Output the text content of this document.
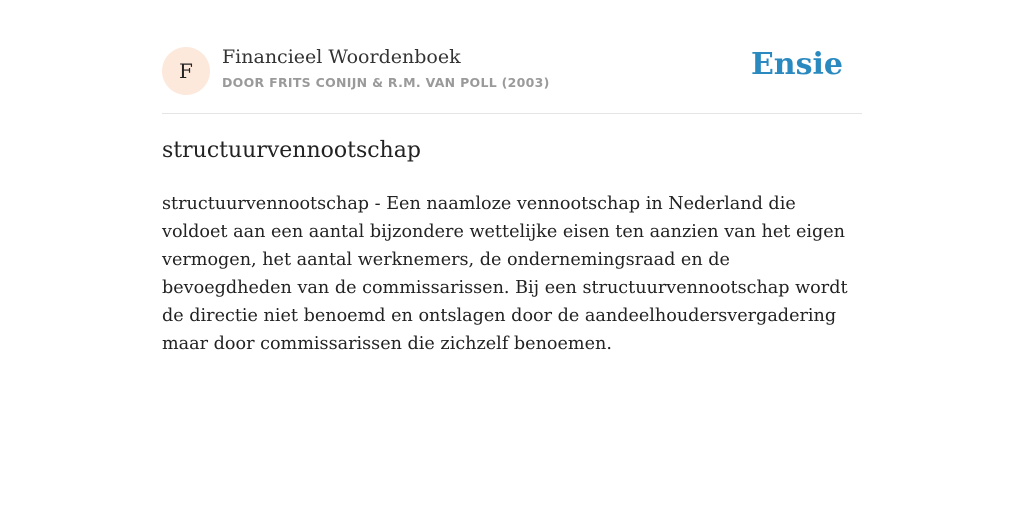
F
Financieel Woordenboek
DOOR FRITS CONIJN & R.M. VAN POLL (2003)
Ensie
structuurvennootschap

structuurvennootschap - Een naamloze vennootschap in Nederland die voldoet aan een aantal bijzondere wettelijke eisen ten aanzien van het eigen vermogen, het aantal werknemers, de ondernemingsraad en de bevoegdheden van de commissarissen. Bij een structuurvennootschap wordt de directie niet benoemd en ontslagen door de aandeelhoudersvergadering maar door commissarissen die zichzelf benoemen.
